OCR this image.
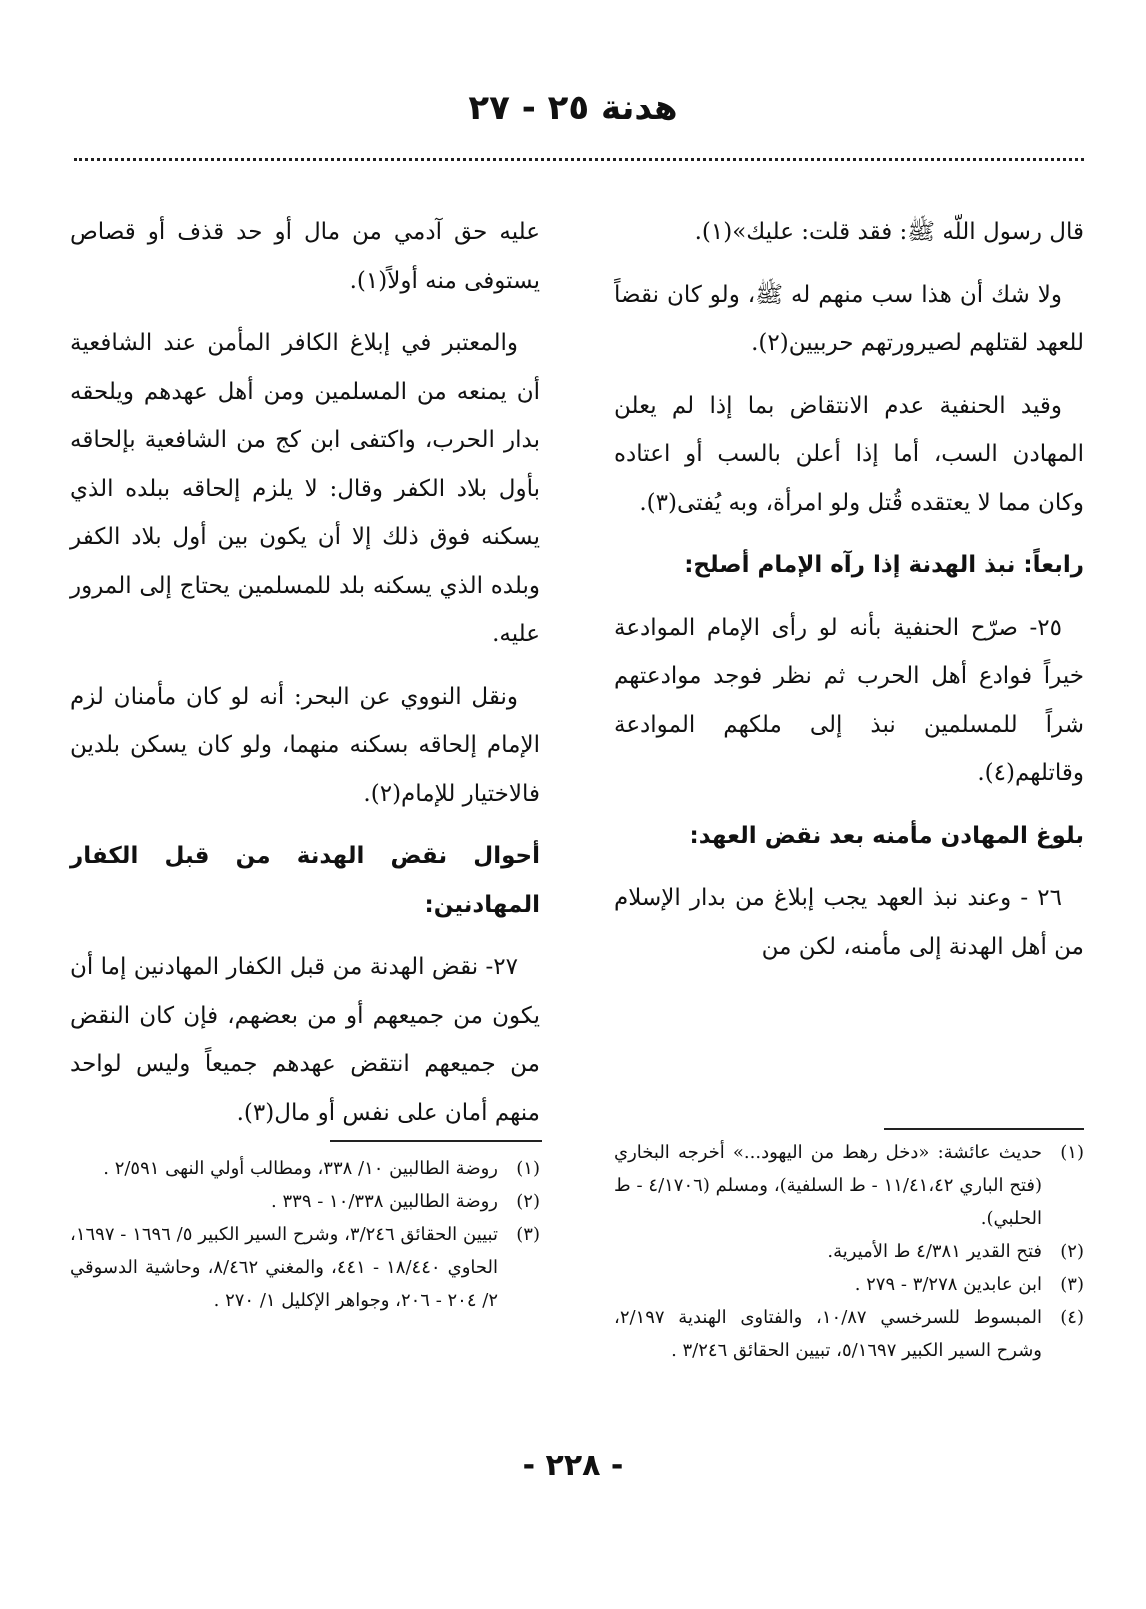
هدنة ٢٥ - ٢٧

قال رسول اللّه ﷺ: فقد قلت: عليك»(١).

ولا شك أن هذا سب منهم له ﷺ، ولو كان نقضاً للعهد لقتلهم لصيرورتهم حربيين(٢).

وقيد الحنفية عدم الانتقاض بما إذا لم يعلن المهادن السب، أما إذا أعلن بالسب أو اعتاده وكان مما لا يعتقده قُتل ولو امرأة، وبه يُفتى(٣).

رابعاً: نبذ الهدنة إذا رآه الإمام أصلح:

٢٥- صرّح الحنفية بأنه لو رأى الإمام الموادعة خيراً فوادع أهل الحرب ثم نظر فوجد موادعتهم شراً للمسلمين نبذ إلى ملكهم الموادعة وقاتلهم(٤).

بلوغ المهادن مأمنه بعد نقض العهد:

٢٦ - وعند نبذ العهد يجب إبلاغ من بدار الإسلام من أهل الهدنة إلى مأمنه، لكن من

عليه حق آدمي من مال أو حد قذف أو قصاص يستوفى منه أولاً(١).

والمعتبر في إبلاغ الكافر المأمن عند الشافعية أن يمنعه من المسلمين ومن أهل عهدهم ويلحقه بدار الحرب، واكتفى ابن كج من الشافعية بإلحاقه بأول بلاد الكفر وقال: لا يلزم إلحاقه ببلده الذي يسكنه فوق ذلك إلا أن يكون بين أول بلاد الكفر وبلده الذي يسكنه بلد للمسلمين يحتاج إلى المرور عليه.

ونقل النووي عن البحر: أنه لو كان مأمنان لزم الإمام إلحاقه بسكنه منهما، ولو كان يسكن بلدين فالاختيار للإمام(٢).

أحوال نقض الهدنة من قبل الكفار المهادنين:

٢٧- نقض الهدنة من قبل الكفار المهادنين إما أن يكون من جميعهم أو من بعضهم، فإن كان النقض من جميعهم انتقض عهدهم جميعاً وليس لواحد منهم أمان على نفس أو مال(٣).

(١)
حديث عائشة: «دخل رهط من اليهود...» أخرجه البخاري (فتح الباري ١١/٤١،٤٢ - ط السلفية)، ومسلم (٤/١٧٠٦ - ط الحلبي).
(٢)
فتح القدير ٤/٣٨١ ط الأميرية.
(٣)
ابن عابدين ٣/٢٧٨ - ٢٧٩ .
(٤)
المبسوط للسرخسي ١٠/٨٧، والفتاوى الهندية ٢/١٩٧، وشرح السير الكبير ٥/١٦٩٧، تبيين الحقائق ٣/٢٤٦ .
(١)
روضة الطالبين ١٠/ ٣٣٨، ومطالب أولي النهى ٢/٥٩١ .
(٢)
روضة الطالبين ١٠/٣٣٨ - ٣٣٩ .
(٣)
تبيين الحقائق ٣/٢٤٦، وشرح السير الكبير ٥/ ١٦٩٦ - ١٦٩٧، الحاوي ١٨/٤٤٠ - ٤٤١، والمغني ٨/٤٦٢، وحاشية الدسوقي ٢/ ٢٠٤ - ٢٠٦، وجواهر الإكليل ١/ ٢٧٠ .
- ٢٢٨ -
